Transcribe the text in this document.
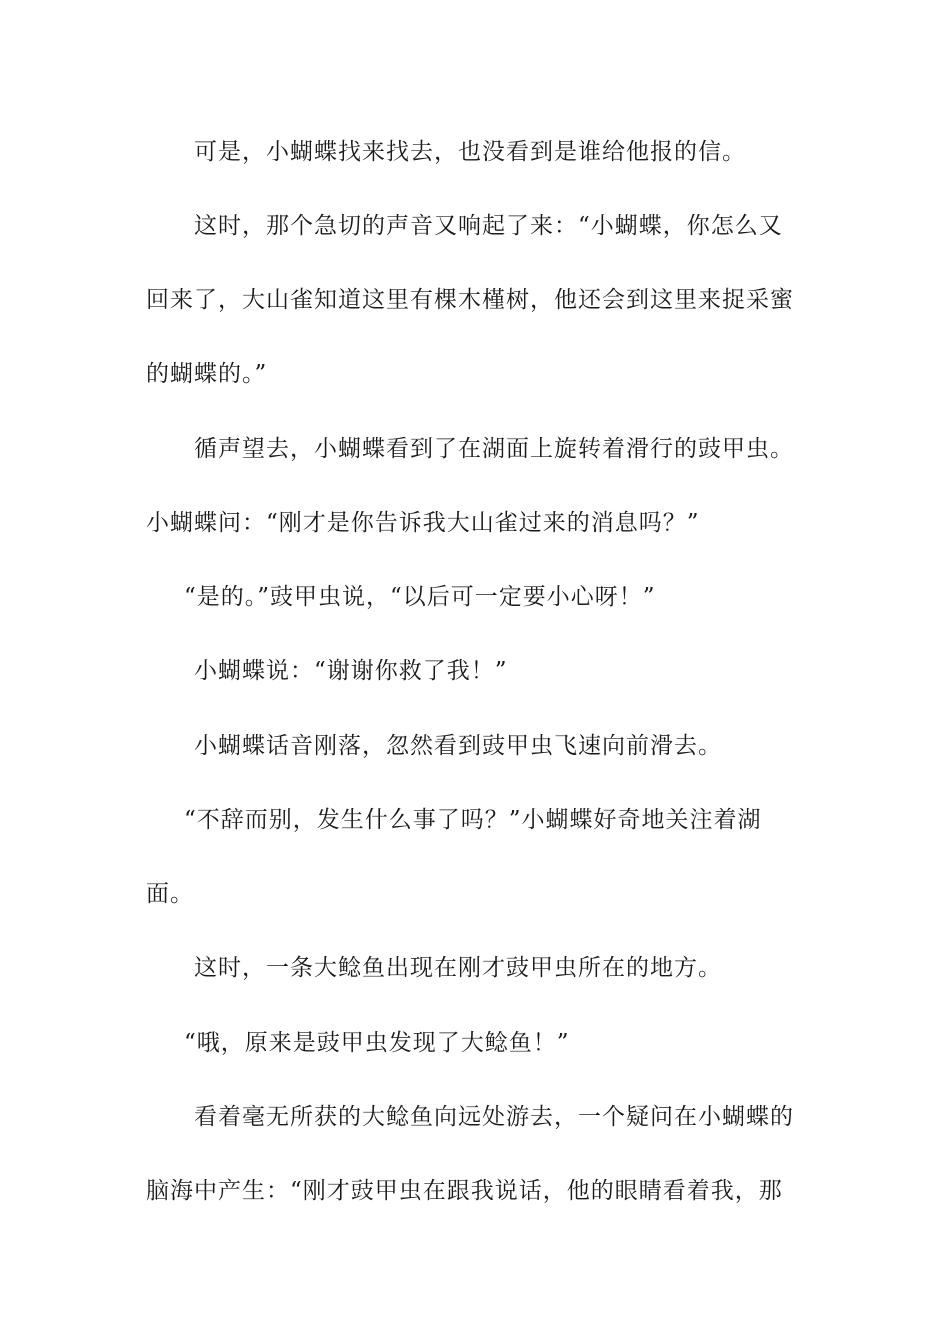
可是，小蝴蝶找来找去，也没看到是谁给他报的信。
这时，那个急切的声音又响起了来：“小蝴蝶，你怎么又
回来了，大山雀知道这里有棵木槿树，他还会到这里来捉采蜜
的蝴蝶的。”
循声望去，小蝴蝶看到了在湖面上旋转着滑行的豉甲虫。
小蝴蝶问：“刚才是你告诉我大山雀过来的消息吗？”
“是的。”豉甲虫说，“以后可一定要小心呀！”
小蝴蝶说：“谢谢你救了我！”
小蝴蝶话音刚落，忽然看到豉甲虫飞速向前滑去。
“不辞而别，发生什么事了吗？”小蝴蝶好奇地关注着湖
面。
这时，一条大鲶鱼出现在刚才豉甲虫所在的地方。
“哦，原来是豉甲虫发现了大鲶鱼！”
看着毫无所获的大鲶鱼向远处游去，一个疑问在小蝴蝶的
脑海中产生：“刚才豉甲虫在跟我说话，他的眼睛看着我，那
